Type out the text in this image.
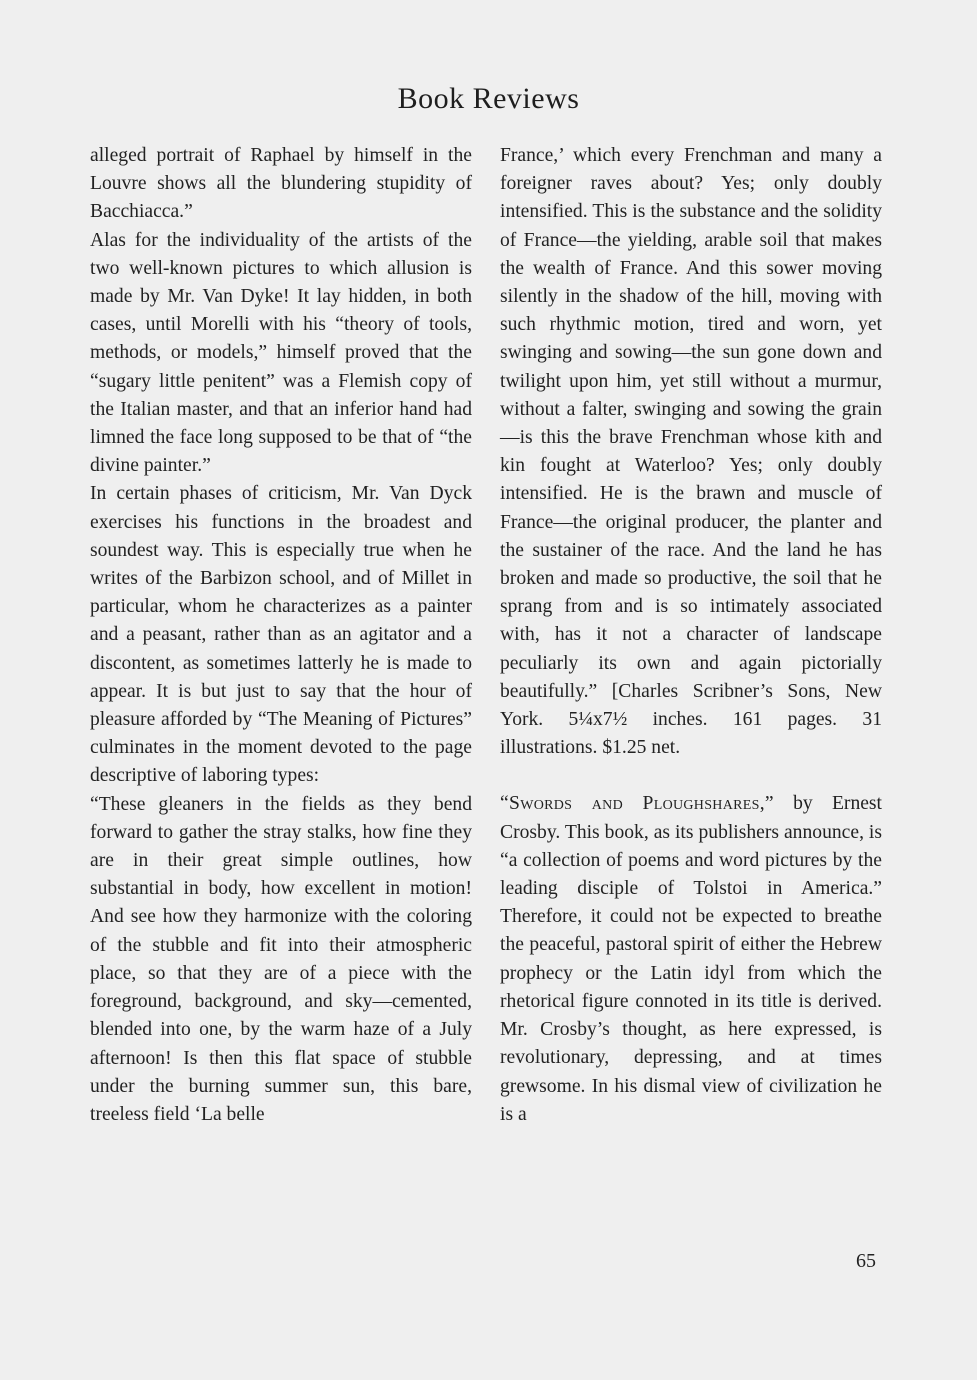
Book Reviews

alleged portrait of Raphael by himself in the Louvre shows all the blundering stupidity of Bacchiacca.”

Alas for the individuality of the artists of the two well-known pictures to which allusion is made by Mr. Van Dyke! It lay hidden, in both cases, until Morelli with his “theory of tools, methods, or models,” himself proved that the “sugary little penitent” was a Flemish copy of the Italian master, and that an inferior hand had limned the face long supposed to be that of “the divine painter.”

In certain phases of criticism, Mr. Van Dyck exercises his functions in the broadest and soundest way. This is especially true when he writes of the Barbizon school, and of Millet in particular, whom he characterizes as a painter and a peasant, rather than as an agitator and a discontent, as sometimes latterly he is made to appear. It is but just to say that the hour of pleasure afforded by “The Meaning of Pictures” culminates in the moment devoted to the page descriptive of laboring types:

“These gleaners in the fields as they bend forward to gather the stray stalks, how fine they are in their great simple outlines, how substantial in body, how excellent in motion! And see how they harmonize with the coloring of the stubble and fit into their atmospheric place, so that they are of a piece with the foreground, background, and sky—cemented, blended into one, by the warm haze of a July afternoon! Is then this flat space of stubble under the burning summer sun, this bare, treeless field ‘La belle

France,’ which every Frenchman and many a foreigner raves about? Yes; only doubly intensified. This is the substance and the solidity of France—the yielding, arable soil that makes the wealth of France. And this sower moving silently in the shadow of the hill, moving with such rhythmic motion, tired and worn, yet swinging and sowing—the sun gone down and twilight upon him, yet still without a murmur, without a falter, swinging and sowing the grain—is this the brave Frenchman whose kith and kin fought at Waterloo? Yes; only doubly intensified. He is the brawn and muscle of France—the original producer, the planter and the sustainer of the race. And the land he has broken and made so productive, the soil that he sprang from and is so intimately associated with, has it not a character of landscape peculiarly its own and again pictorially beautifully.” [Charles Scribner’s Sons, New York. 5¼x7½ inches. 161 pages. 31 illustrations. $1.25 net.

“Swords and Ploughshares,” by Ernest Crosby. This book, as its publishers announce, is “a collection of poems and word pictures by the leading disciple of Tolstoi in America.” Therefore, it could not be expected to breathe the peaceful, pastoral spirit of either the Hebrew prophecy or the Latin idyl from which the rhetorical figure connoted in its title is derived. Mr. Crosby’s thought, as here expressed, is revolutionary, depressing, and at times grewsome. In his dismal view of civilization he is a

65
